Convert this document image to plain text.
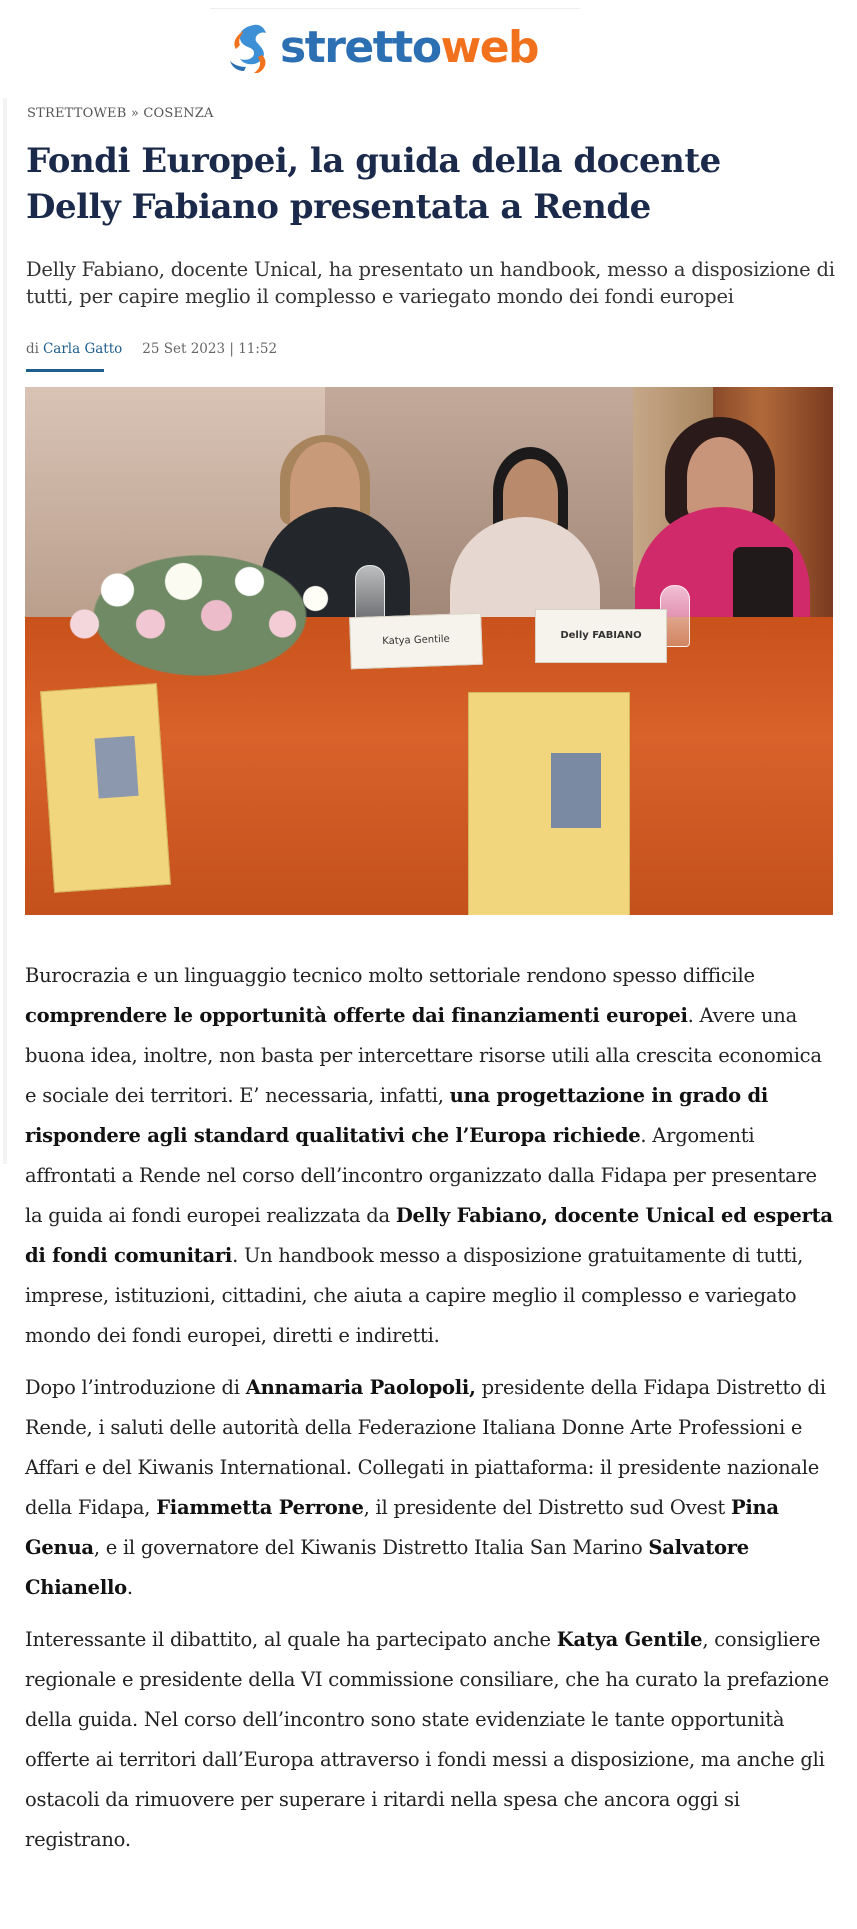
strettoweb
STRETTOWEB » COSENZA
Fondi Europei, la guida della docente Delly Fabiano presentata a Rende

Delly Fabiano, docente Unical, ha presentato un handbook, messo a disposizione di tutti, per capire meglio il complesso e variegato mondo dei fondi europei

di Carla Gatto 25 Set 2023 | 11:52
Katya Gentile	Delly FABIANO

Burocrazia e un linguaggio tecnico molto settoriale rendono spesso difficile comprendere le opportunità offerte dai finanziamenti europei. Avere una buona idea, inoltre, non basta per intercettare risorse utili alla crescita economica e sociale dei territori. E’ necessaria, infatti, una progettazione in grado di rispondere agli standard qualitativi che l’Europa richiede. Argomenti affrontati a Rende nel corso dell’incontro organizzato dalla Fidapa per presentare la guida ai fondi europei realizzata da Delly Fabiano, docente Unical ed esperta di fondi comunitari. Un handbook messo a disposizione gratuitamente di tutti, imprese, istituzioni, cittadini, che aiuta a capire meglio il complesso e variegato mondo dei fondi europei, diretti e indiretti.

Dopo l’introduzione di Annamaria Paolopoli, presidente della Fidapa Distretto di Rende, i saluti delle autorità della Federazione Italiana Donne Arte Professioni e Affari e del Kiwanis International. Collegati in piattaforma: il presidente nazionale della Fidapa, Fiammetta Perrone, il presidente del Distretto sud Ovest Pina Genua, e il governatore del Kiwanis Distretto Italia San Marino Salvatore Chianello.

Interessante il dibattito, al quale ha partecipato anche Katya Gentile, consigliere regionale e presidente della VI commissione consiliare, che ha curato la prefazione della guida. Nel corso dell’incontro sono state evidenziate le tante opportunità offerte ai territori dall’Europa attraverso i fondi messi a disposizione, ma anche gli ostacoli da rimuovere per superare i ritardi nella spesa che ancora oggi si registrano.
